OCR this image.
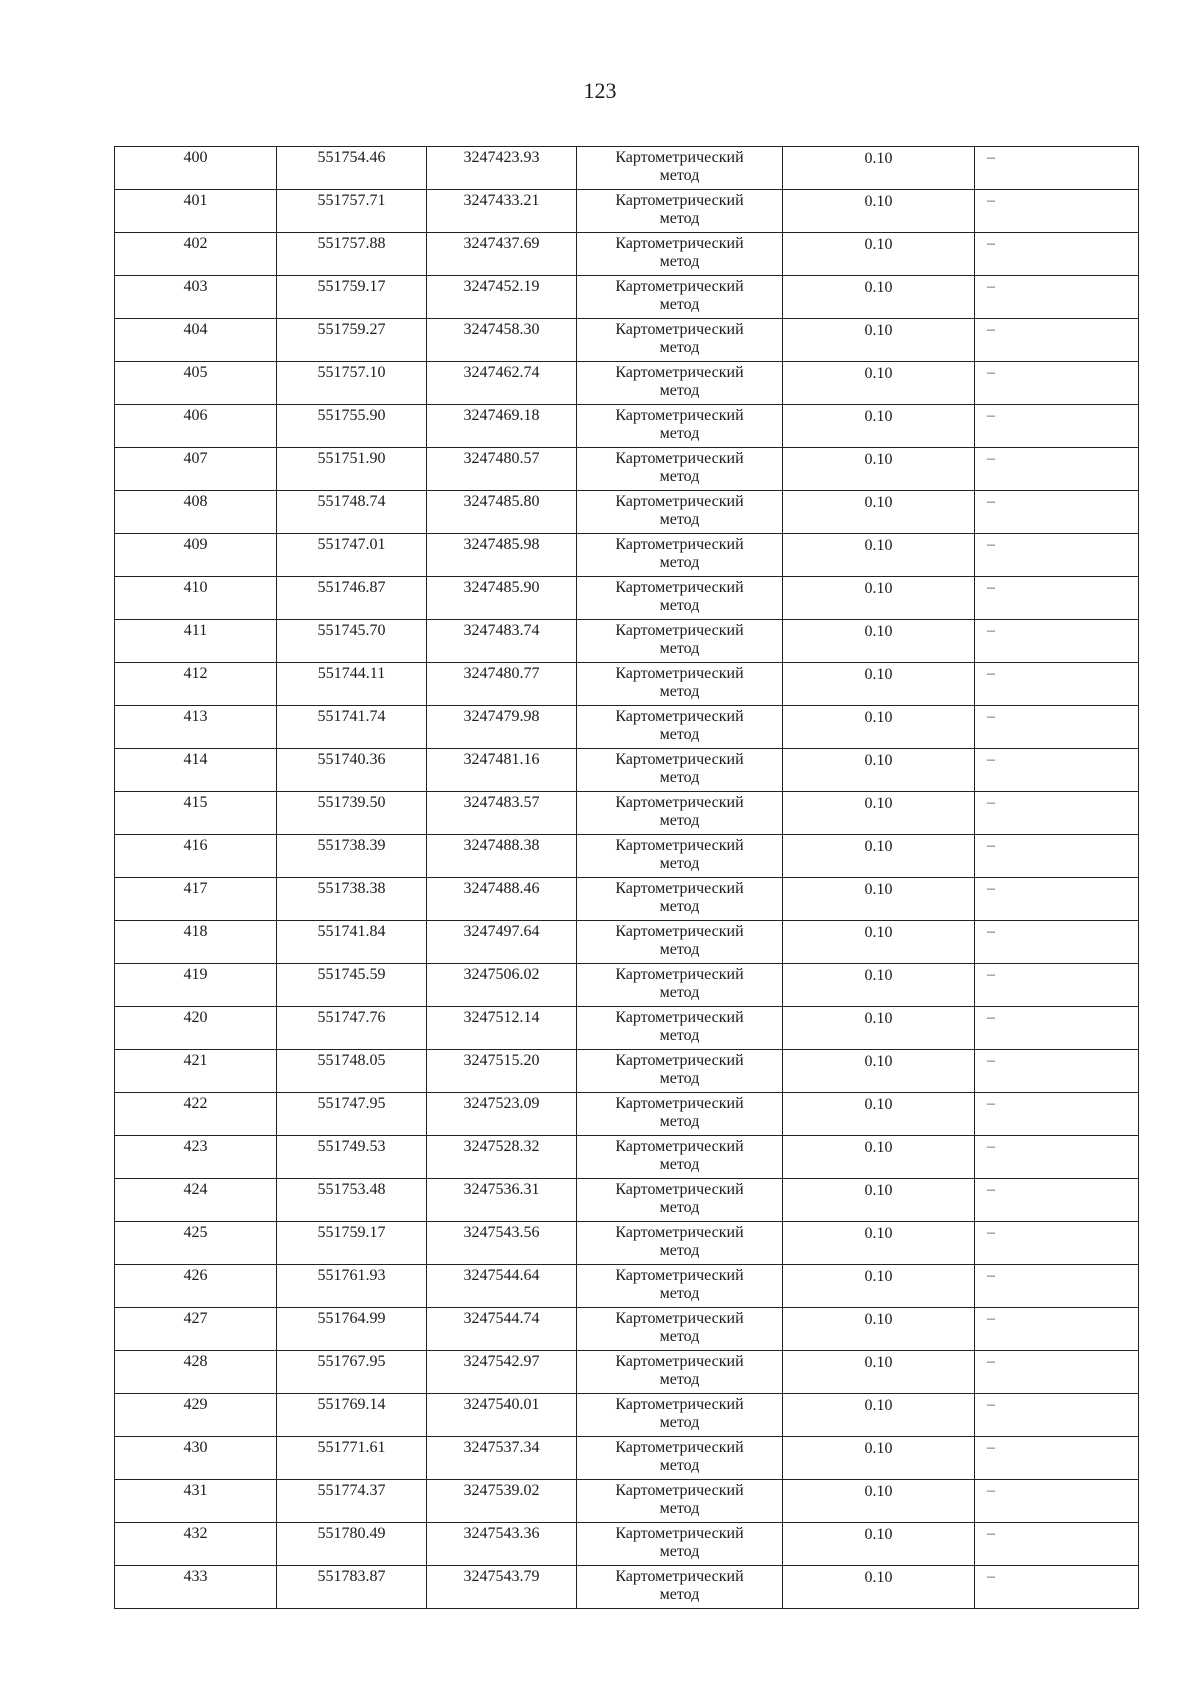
123
400	551754.46	3247423.93	Картометрический
метод	0.10	–
401	551757.71	3247433.21	Картометрический
метод	0.10	–
402	551757.88	3247437.69	Картометрический
метод	0.10	–
403	551759.17	3247452.19	Картометрический
метод	0.10	–
404	551759.27	3247458.30	Картометрический
метод	0.10	–
405	551757.10	3247462.74	Картометрический
метод	0.10	–
406	551755.90	3247469.18	Картометрический
метод	0.10	–
407	551751.90	3247480.57	Картометрический
метод	0.10	–
408	551748.74	3247485.80	Картометрический
метод	0.10	–
409	551747.01	3247485.98	Картометрический
метод	0.10	–
410	551746.87	3247485.90	Картометрический
метод	0.10	–
411	551745.70	3247483.74	Картометрический
метод	0.10	–
412	551744.11	3247480.77	Картометрический
метод	0.10	–
413	551741.74	3247479.98	Картометрический
метод	0.10	–
414	551740.36	3247481.16	Картометрический
метод	0.10	–
415	551739.50	3247483.57	Картометрический
метод	0.10	–
416	551738.39	3247488.38	Картометрический
метод	0.10	–
417	551738.38	3247488.46	Картометрический
метод	0.10	–
418	551741.84	3247497.64	Картометрический
метод	0.10	–
419	551745.59	3247506.02	Картометрический
метод	0.10	–
420	551747.76	3247512.14	Картометрический
метод	0.10	–
421	551748.05	3247515.20	Картометрический
метод	0.10	–
422	551747.95	3247523.09	Картометрический
метод	0.10	–
423	551749.53	3247528.32	Картометрический
метод	0.10	–
424	551753.48	3247536.31	Картометрический
метод	0.10	–
425	551759.17	3247543.56	Картометрический
метод	0.10	–
426	551761.93	3247544.64	Картометрический
метод	0.10	–
427	551764.99	3247544.74	Картометрический
метод	0.10	–
428	551767.95	3247542.97	Картометрический
метод	0.10	–
429	551769.14	3247540.01	Картометрический
метод	0.10	–
430	551771.61	3247537.34	Картометрический
метод	0.10	–
431	551774.37	3247539.02	Картометрический
метод	0.10	–
432	551780.49	3247543.36	Картометрический
метод	0.10	–
433	551783.87	3247543.79	Картометрический
метод	0.10	–
